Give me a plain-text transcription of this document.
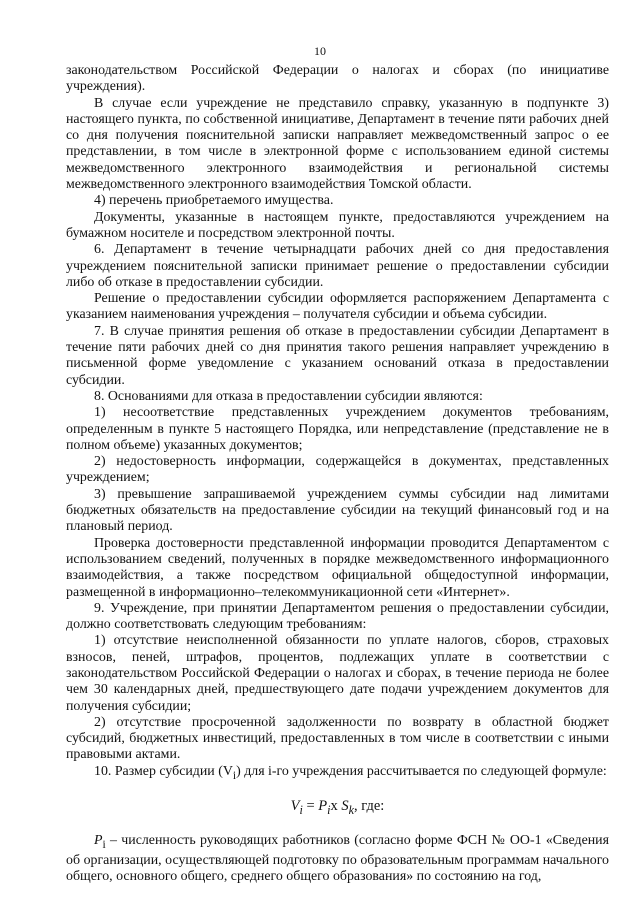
10

законодательством Российской Федерации о налогах и сборах (по инициативе учреждения).

В случае если учреждение не представило справку, указанную в подпункте 3) настоящего пункта, по собственной инициативе, Департамент в течение пяти рабочих дней со дня получения пояснительной записки направляет межведомственный запрос о ее представлении, в том числе в электронной форме с использованием единой системы межведомственного электронного взаимодействия и региональной системы межведомственного электронного взаимодействия Томской области.

4) перечень приобретаемого имущества.

Документы, указанные в настоящем пункте, предоставляются учреждением на бумажном носителе и посредством электронной почты.

6. Департамент в течение четырнадцати рабочих дней со дня предоставления учреждением пояснительной записки принимает решение о предоставлении субсидии либо об отказе в предоставлении субсидии.

Решение о предоставлении субсидии оформляется распоряжением Департамента с указанием наименования учреждения – получателя субсидии и объема субсидии.

7. В случае принятия решения об отказе в предоставлении субсидии Департамент в течение пяти рабочих дней со дня принятия такого решения направляет учреждению в письменной форме уведомление с указанием оснований отказа в предоставлении субсидии.

8. Основаниями для отказа в предоставлении субсидии являются:

1) несоответствие представленных учреждением документов требованиям, определенным в пункте 5 настоящего Порядка, или непредставление (представление не в полном объеме) указанных документов;

2) недостоверность информации, содержащейся в документах, представленных учреждением;

3) превышение запрашиваемой учреждением суммы субсидии над лимитами бюджетных обязательств на предоставление субсидии на текущий финансовый год и на плановый период.

Проверка достоверности представленной информации проводится Департаментом с использованием сведений, полученных в порядке межведомственного информационного взаимодействия, а также посредством официальной общедоступной информации, размещенной в информационно–телекоммуникационной сети «Интернет».

9. Учреждение, при принятии Департаментом решения о предоставлении субсидии, должно соответствовать следующим требованиям:

1) отсутствие неисполненной обязанности по уплате налогов, сборов, страховых взносов, пеней, штрафов, процентов, подлежащих уплате в соответствии с законодательством Российской Федерации о налогах и сборах, в течение периода не более чем 30 календарных дней, предшествующего дате подачи учреждением документов для получения субсидии;

2) отсутствие просроченной задолженности по возврату в областной бюджет субсидий, бюджетных инвестиций, предоставленных в том числе в соответствии с иными правовыми актами.

10. Размер субсидии $(V_i)$ для i-го учреждения рассчитывается по следующей формуле:

$V_i = P_ix$ $S_k$, где:

$P_i$ – численность руководящих работников (согласно форме ФСН № ОО-1 «Сведения об организации, осуществляющей подготовку по образовательным программам начального общего, основного общего, среднего общего образования» по состоянию на год,
